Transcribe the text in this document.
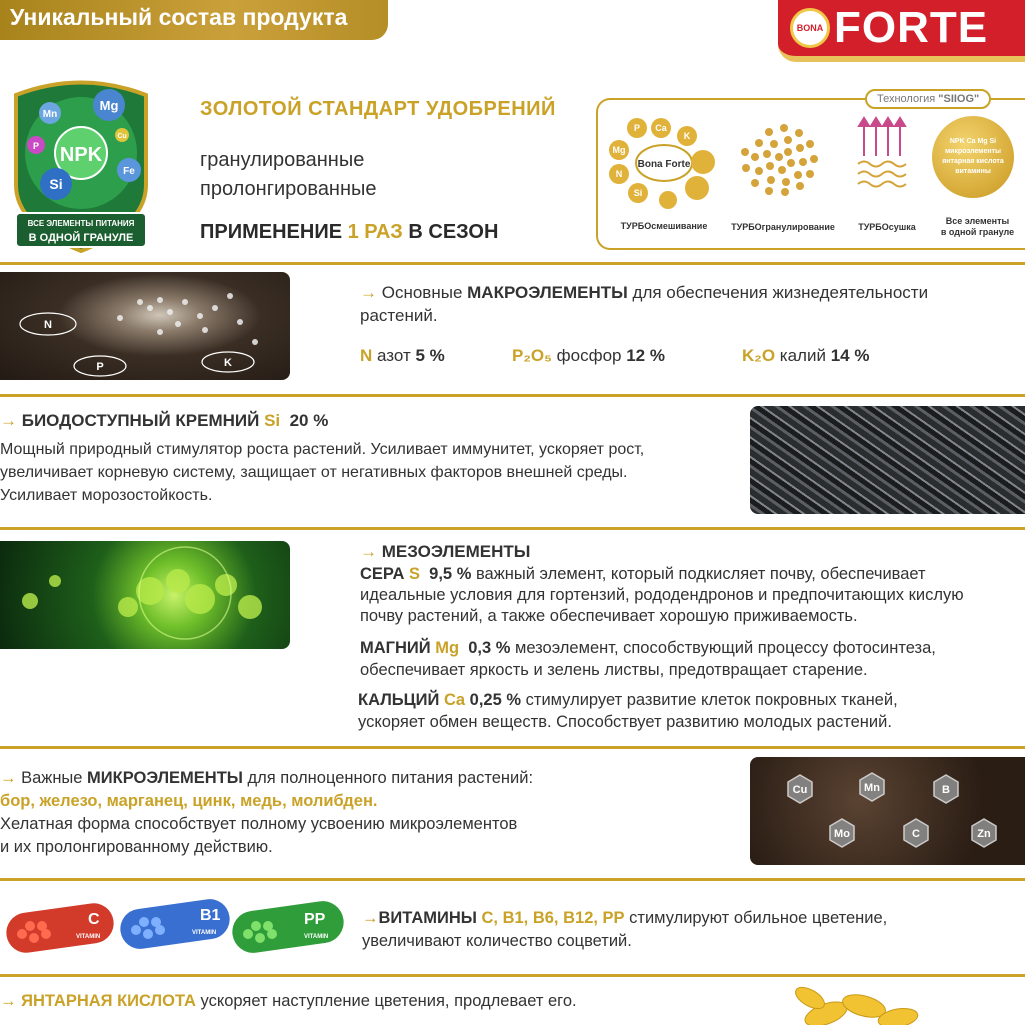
Уникальный состав продукта	BONA FORTE
NPK
Mn
Mg
Fe
Si
P
Cu
ВСЕ ЭЛЕМЕНТЫ ПИТАНИЯ
В ОДНОЙ ГРАНУЛЕ
ЗОЛОТОЙ СТАНДАРТ УДОБРЕНИЙ
гранулированные
пролонгированные
ПРИМЕНЕНИЕ 1 РАЗ В СЕЗОН
Технология "SIIOG"
Bona Forte
P Ca
K
Mg
N
Si
NPK Ca Mg Si микроэлементы янтарная кислота витамины
ТУРБОсмешивание	ТУРБОгранулирование	ТУРБОсушка
Все элементы
в одной грануле
N
P	K
→ Основные МАКРОЭЛЕМЕНТЫ для обеспечения жизнедеятельности
растений.
N азот 5 %	P₂O₅ фосфор 12 %	K₂O калий 14 %
→ БИОДОСТУПНЫЙ КРЕМНИЙ Si 20 %
Мощный природный стимулятор роста растений. Усиливает иммунитет, ускоряет рост,
увеличивает корневую систему, защищает от негативных факторов внешней среды.
Усиливает морозостойкость.
→ МЕЗОЭЛЕМЕНТЫ
СЕРА S 9,5 % важный элемент, который подкисляет почву, обеспечивает
идеальные условия для гортензий, рододендронов и предпочитающих кислую
почву растений, а также обеспечивает хорошую приживаемость.
МАГНИЙ Mg 0,3 % мезоэлемент, способствующий процессу фотосинтеза,
обеспечивает яркость и зелень листвы, предотвращает старение.
КАЛЬЦИЙ Ca 0,25 % стимулирует развитие клеток покровных тканей,
ускоряет обмен веществ. Способствует развитию молодых растений.
→ Важные МИКРОЭЛЕМЕНТЫ для полноценного питания растений:
бор, железо, марганец, цинк, медь, молибден.
Хелатная форма способствует полному усвоению микроэлементов
и их пролонгированному действию.
Cu	Mn	B
Mo	C	Zn
C
VITAMIN
B1
VITAMIN
PP
VITAMIN
→ВИТАМИНЫ С, В1, В6, В12, РР стимулируют обильное цветение,
увеличивают количество соцветий.
→ ЯНТАРНАЯ КИСЛОТА ускоряет наступление цветения, продлевает его.
